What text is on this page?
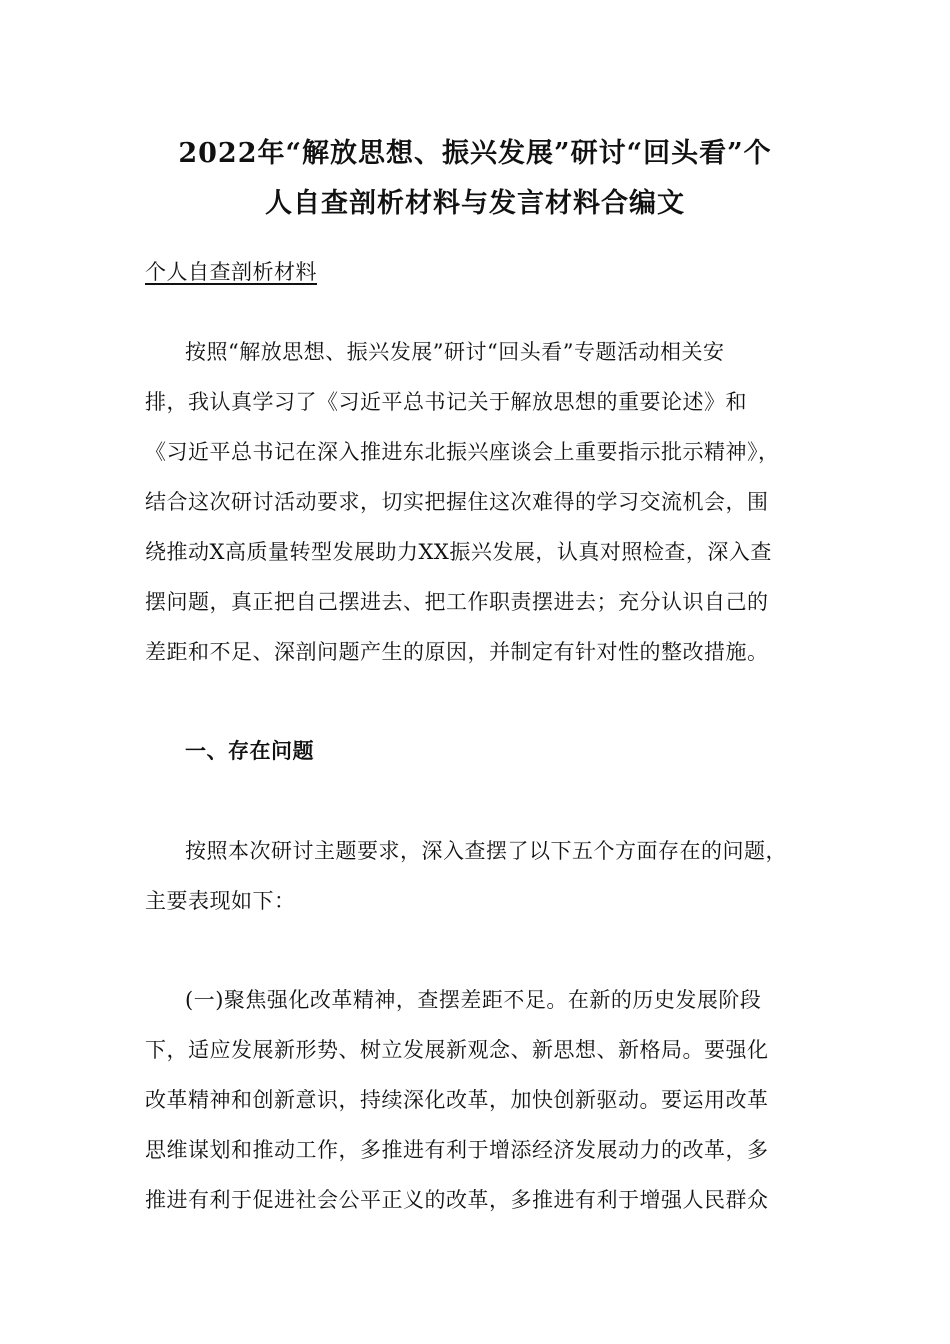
2022年“解放思想、振兴发展”研讨“回头看”个
人自查剖析材料与发言材料合编文
个人自查剖析材料
按照“解放思想、振兴发展”研讨“回头看”专题活动相关安
排，我认真学习了《习近平总书记关于解放思想的重要论述》和
《习近平总书记在深入推进东北振兴座谈会上重要指示批示精神》，
结合这次研讨活动要求，切实把握住这次难得的学习交流机会，围
绕推动X高质量转型发展助力XX振兴发展，认真对照检查，深入查
摆问题，真正把自己摆进去、把工作职责摆进去；充分认识自己的
差距和不足、深剖问题产生的原因，并制定有针对性的整改措施。
一、存在问题
按照本次研讨主题要求，深入查摆了以下五个方面存在的问题，
主要表现如下：
(一)聚焦强化改革精神，查摆差距不足。在新的历史发展阶段
下，适应发展新形势、树立发展新观念、新思想、新格局。要强化
改革精神和创新意识，持续深化改革，加快创新驱动。要运用改革
思维谋划和推动工作，多推进有利于增添经济发展动力的改革，多
推进有利于促进社会公平正义的改革，多推进有利于增强人民群众
